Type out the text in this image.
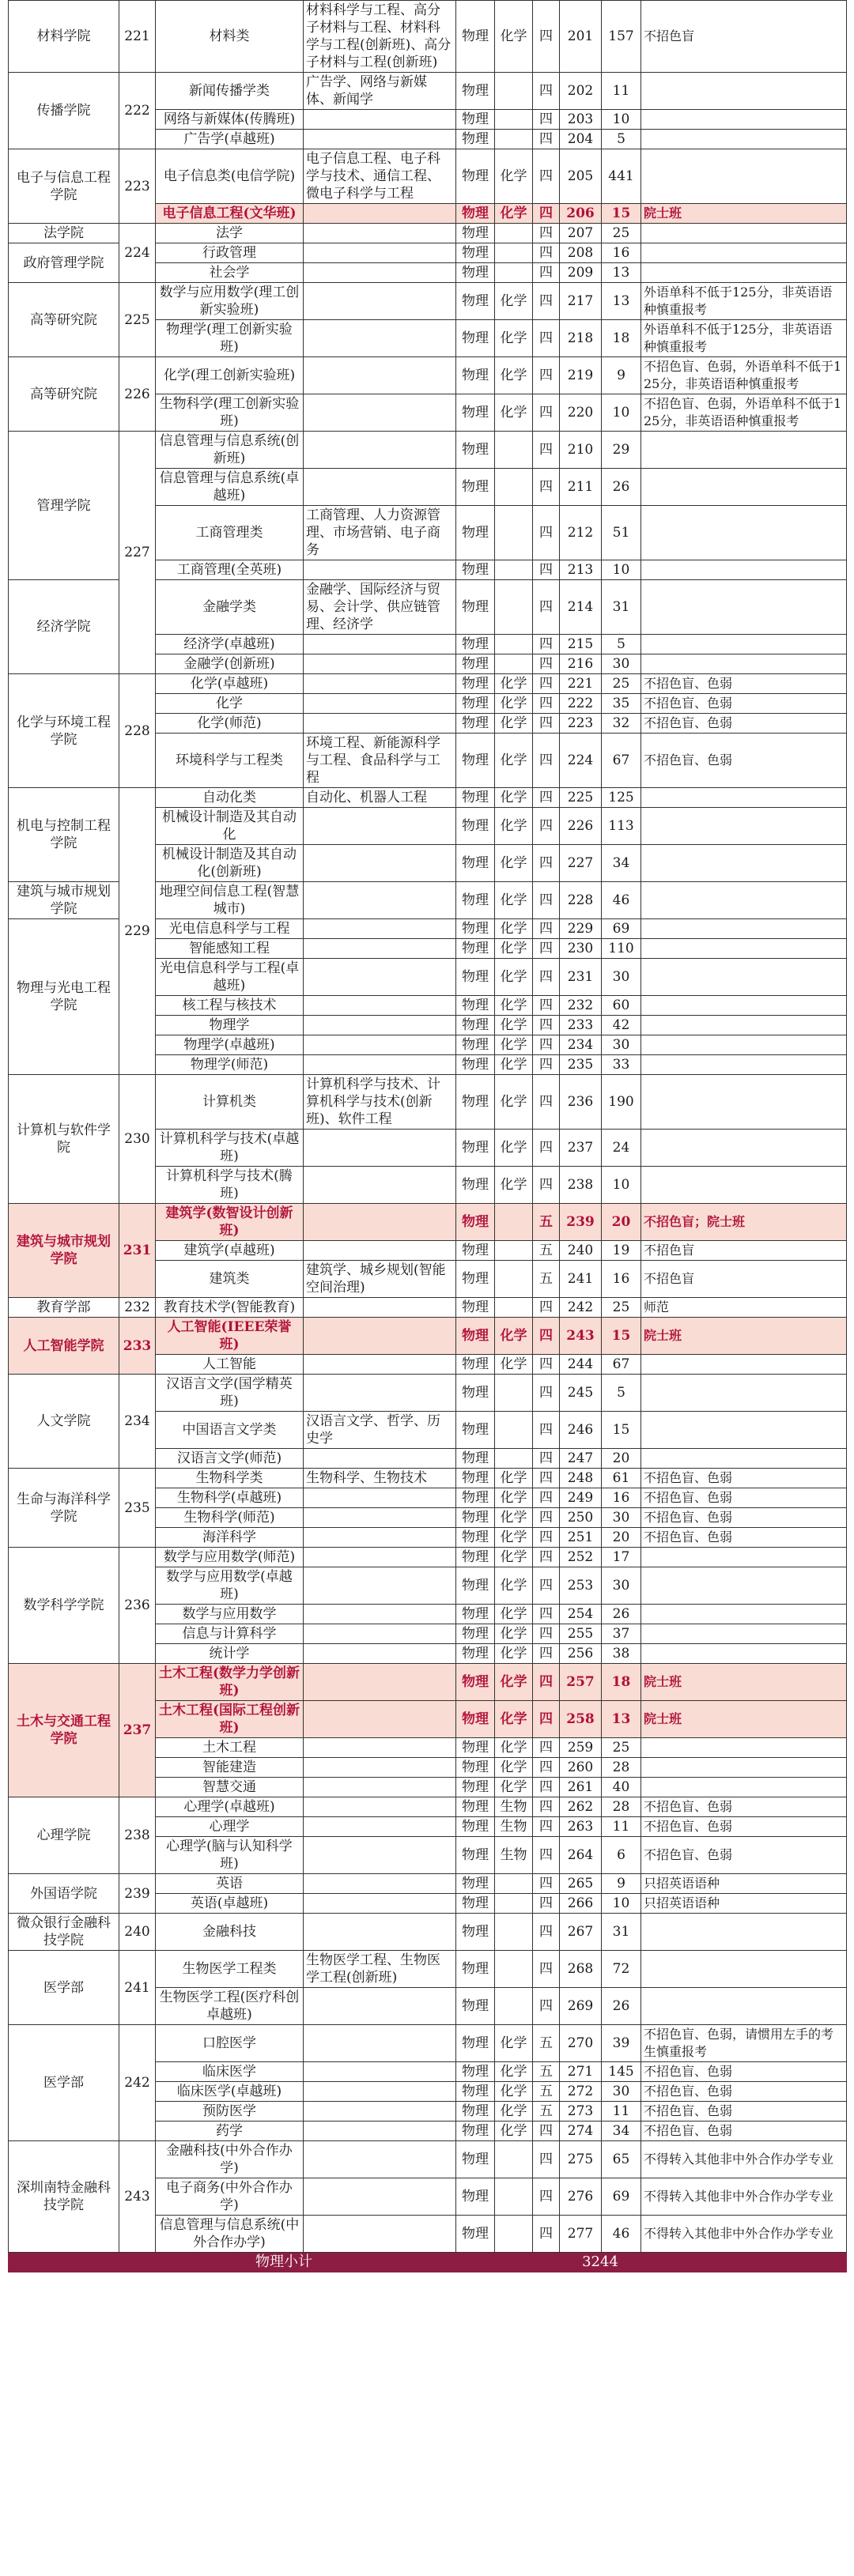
材料学院	221	材料类	材料科学与工程、高分子材料与工程、材料科学与工程(创新班)、高分子材料与工程(创新班)	物理	化学	四	201	157	不招色盲
传播学院	222	新闻传播学类	广告学、网络与新媒体、新闻学	物理		四	202	11	
		网络与新媒体(传腾班)		物理		四	203	10	
		广告学(卓越班)		物理		四	204	5	
电子与信息工程学院	223	电子信息类(电信学院)	电子信息工程、电子科学与技术、通信工程、微电子科学与工程	物理	化学	四	205	441	
		电子信息工程(文华班)		物理	化学	四	206	15	院士班
法学院	224	法学		物理		四	207	25	
政府管理学院		行政管理		物理		四	208	16	
		社会学		物理		四	209	13	
高等研究院	225	数学与应用数学(理工创新实验班)		物理	化学	四	217	13	外语单科不低于125分，非英语语种慎重报考
		物理学(理工创新实验班)		物理	化学	四	218	18	外语单科不低于125分，非英语语种慎重报考
高等研究院	226	化学(理工创新实验班)		物理	化学	四	219	9	不招色盲、色弱，外语单科不低于125分，非英语语种慎重报考
		生物科学(理工创新实验班)		物理	化学	四	220	10	不招色盲、色弱，外语单科不低于125分，非英语语种慎重报考
管理学院	227	信息管理与信息系统(创新班)		物理		四	210	29	
		信息管理与信息系统(卓越班)		物理		四	211	26	
		工商管理类	工商管理、人力资源管理、市场营销、电子商务	物理		四	212	51	
		工商管理(全英班)		物理		四	213	10	
经济学院		金融学类	金融学、国际经济与贸易、会计学、供应链管理、经济学	物理		四	214	31	
		经济学(卓越班)		物理		四	215	5	
		金融学(创新班)		物理		四	216	30	
化学与环境工程学院	228	化学(卓越班)		物理	化学	四	221	25	不招色盲、色弱
		化学		物理	化学	四	222	35	不招色盲、色弱
		化学(师范)		物理	化学	四	223	32	不招色盲、色弱
		环境科学与工程类	环境工程、新能源科学与工程、食品科学与工程	物理	化学	四	224	67	不招色盲、色弱
机电与控制工程学院	229	自动化类	自动化、机器人工程	物理	化学	四	225	125	
		机械设计制造及其自动化		物理	化学	四	226	113	
		机械设计制造及其自动化(创新班)		物理	化学	四	227	34	
建筑与城市规划学院		地理空间信息工程(智慧城市)		物理	化学	四	228	46	
物理与光电工程学院		光电信息科学与工程		物理	化学	四	229	69	
		智能感知工程		物理	化学	四	230	110	
		光电信息科学与工程(卓越班)		物理	化学	四	231	30	
		核工程与核技术		物理	化学	四	232	60	
		物理学		物理	化学	四	233	42	
		物理学(卓越班)		物理	化学	四	234	30	
		物理学(师范)		物理	化学	四	235	33	
计算机与软件学院	230	计算机类	计算机科学与技术、计算机科学与技术(创新班)、软件工程	物理	化学	四	236	190	
		计算机科学与技术(卓越班)		物理	化学	四	237	24	
		计算机科学与技术(腾班)		物理	化学	四	238	10	
建筑与城市规划学院	231	建筑学(数智设计创新班)		物理		五	239	20	不招色盲；院士班
		建筑学(卓越班)		物理		五	240	19	不招色盲
		建筑类	建筑学、城乡规划(智能空间治理)	物理		五	241	16	不招色盲
教育学部	232	教育技术学(智能教育)		物理		四	242	25	师范
人工智能学院	233	人工智能(IEEE荣誉班)		物理	化学	四	243	15	院士班
		人工智能		物理	化学	四	244	67	
人文学院	234	汉语言文学(国学精英班)		物理		四	245	5	
		中国语言文学类	汉语言文学、哲学、历史学	物理		四	246	15	
		汉语言文学(师范)		物理		四	247	20	
生命与海洋科学学院	235	生物科学类	生物科学、生物技术	物理	化学	四	248	61	不招色盲、色弱
		生物科学(卓越班)		物理	化学	四	249	16	不招色盲、色弱
		生物科学(师范)		物理	化学	四	250	30	不招色盲、色弱
		海洋科学		物理	化学	四	251	20	不招色盲、色弱
数学科学学院	236	数学与应用数学(师范)		物理	化学	四	252	17	
		数学与应用数学(卓越班)		物理	化学	四	253	30	
		数学与应用数学		物理	化学	四	254	26	
		信息与计算科学		物理	化学	四	255	37	
		统计学		物理	化学	四	256	38	
土木与交通工程学院	237	土木工程(数学力学创新班)		物理	化学	四	257	18	院士班
		土木工程(国际工程创新班)		物理	化学	四	258	13	院士班
		土木工程		物理	化学	四	259	25	
		智能建造		物理	化学	四	260	28	
		智慧交通		物理	化学	四	261	40	
心理学院	238	心理学(卓越班)		物理	生物	四	262	28	不招色盲、色弱
		心理学		物理	生物	四	263	11	不招色盲、色弱
		心理学(脑与认知科学班)		物理	生物	四	264	6	不招色盲、色弱
外国语学院	239	英语		物理		四	265	9	只招英语语种
		英语(卓越班)		物理		四	266	10	只招英语语种
微众银行金融科技学院	240	金融科技		物理		四	267	31	
医学部	241	生物医学工程类	生物医学工程、生物医学工程(创新班)	物理		四	268	72	
		生物医学工程(医疗科创卓越班)		物理		四	269	26	
医学部	242	口腔医学		物理	化学	五	270	39	不招色盲、色弱，请惯用左手的考生慎重报考
		临床医学		物理	化学	五	271	145	不招色盲、色弱
		临床医学(卓越班)		物理	化学	五	272	30	不招色盲、色弱
		预防医学		物理	化学	五	273	11	不招色盲、色弱
		药学		物理	化学	四	274	34	不招色盲、色弱
深圳南特金融科技学院	243	金融科技(中外合作办学)		物理		四	275	65	不得转入其他非中外合作办学专业
		电子商务(中外合作办学)		物理		四	276	69	不得转入其他非中外合作办学专业
		信息管理与信息系统(中外合作办学)		物理		四	277	46	不得转入其他非中外合作办学专业
物理小计							3244		
